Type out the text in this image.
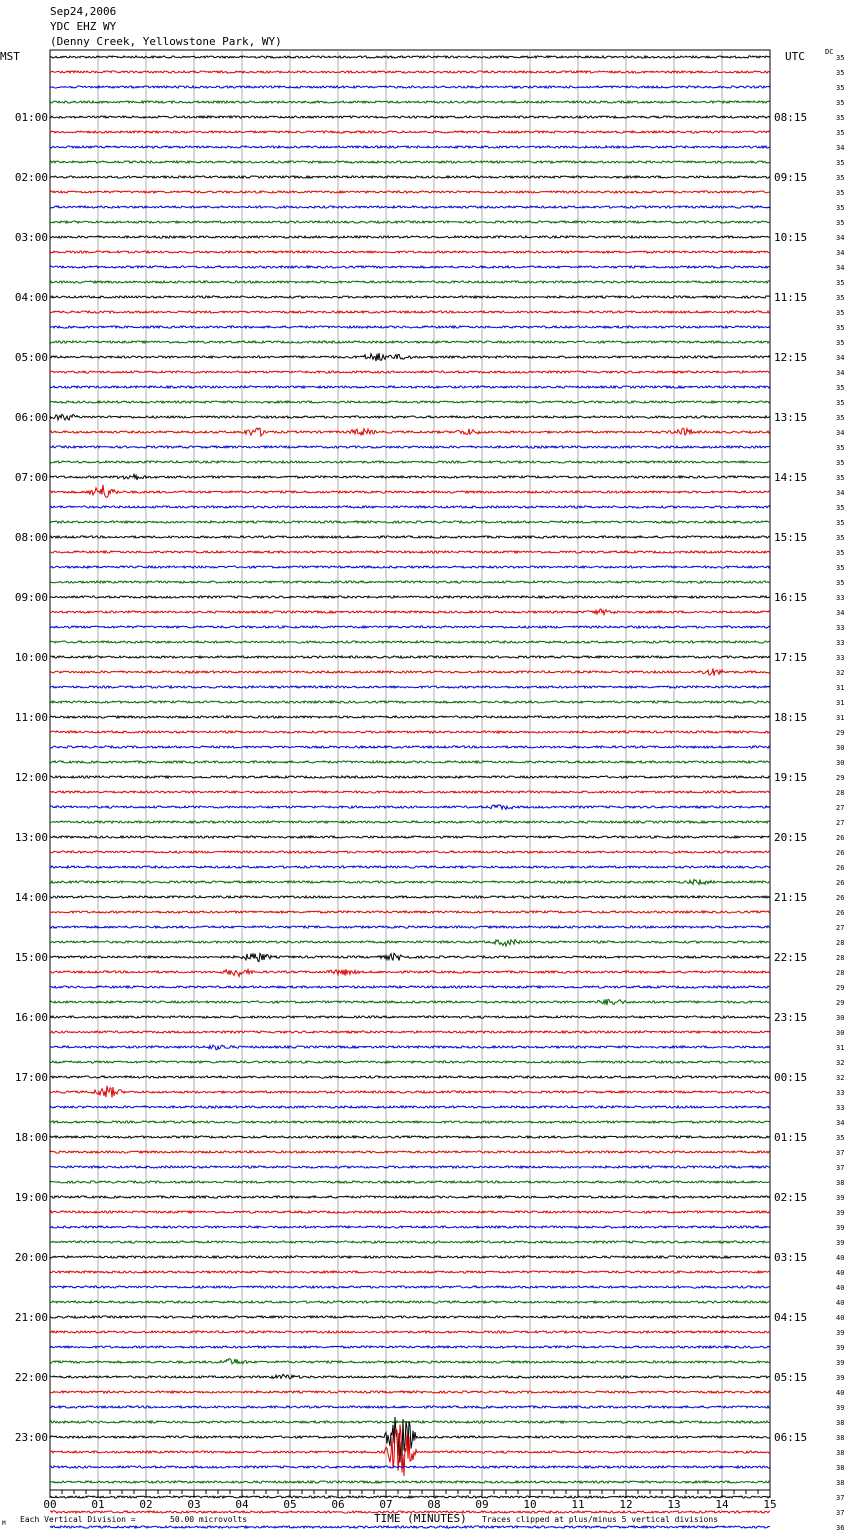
Sep24,2006
YDC EHZ WY
(Denny Creek, Yellowstone Park, WY)
MST	UTC	DC
35
35
35
35
35
35
34
35
35
35
35
35
34
34
34
35
35
35
35
35
34
34
35
35
35
34
35
35
35
34
35
35
35
35
35
35
33
34
33
33
33
32
31
31
31
29
30
30
29
28
27
27
26
26
26
26
26
26
27
28
28
28
29
29
30
30
31
32
32
33
33
34
35
37
37
38
39
39
39
39
40
40
40
40
40
39
39
39
39
40
39
38
38
38
38
38
37
37
36
01:00	08:15
02:00	09:15
03:00	10:15
04:00	11:15
05:00	12:15
06:00	13:15
07:00	14:15
08:00	15:15
09:00	16:15
10:00	17:15
11:00	18:15
12:00	19:15
13:00	20:15
14:00	21:15
15:00	22:15
16:00	23:15
17:00	00:15
18:00	01:15
19:00	02:15
20:00	03:15
21:00	04:15
22:00	05:15
23:00	06:15
00	01	02	03	04	05	06	07	08	09	10	11	12	13	14	15
M Each Vertical Division =	50.00 microvolts	TIME (MINUTES) Traces clipped at plus/minus 5 vertical divisions
